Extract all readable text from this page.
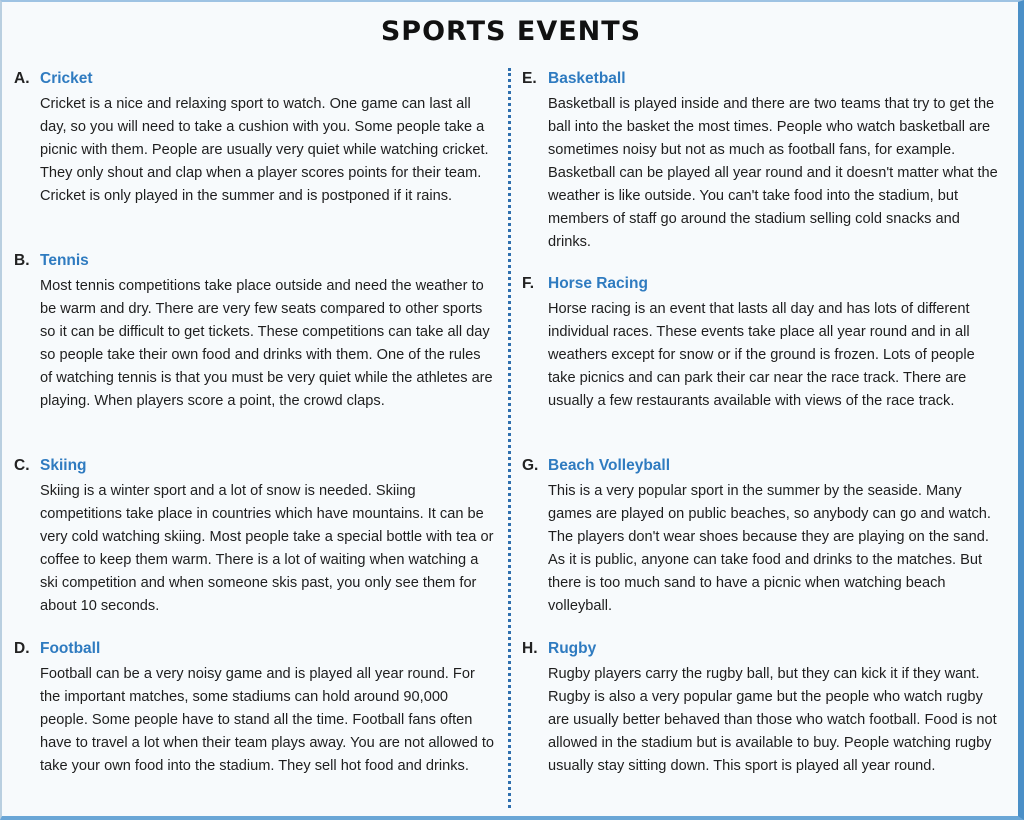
SPORTS EVENTS
A. Cricket
Cricket is a nice and relaxing sport to watch. One game can last all day, so you will need to take a cushion with you. Some people take a picnic with them. People are usually very quiet while watching cricket. They only shout and clap when a player scores points for their team. Cricket is only played in the summer and is postponed if it rains.
B. Tennis
Most tennis competitions take place outside and need the weather to be warm and dry. There are very few seats compared to other sports so it can be difficult to get tickets. These competitions can take all day so people take their own food and drinks with them. One of the rules of watching tennis is that you must be very quiet while the athletes are playing. When players score a point, the crowd claps.
C. Skiing
Skiing is a winter sport and a lot of snow is needed. Skiing competitions take place in countries which have mountains. It can be very cold watching skiing. Most people take a special bottle with tea or coffee to keep them warm. There is a lot of waiting when watching a ski competition and when someone skis past, you only see them for about 10 seconds.
D. Football
Football can be a very noisy game and is played all year round. For the important matches, some stadiums can hold around 90,000 people. Some people have to stand all the time. Football fans often have to travel a lot when their team plays away. You are not allowed to take your own food into the stadium. They sell hot food and drinks.
E. Basketball
Basketball is played inside and there are two teams that try to get the ball into the basket the most times. People who watch basketball are sometimes noisy but not as much as football fans, for example. Basketball can be played all year round and it doesn't matter what the weather is like outside. You can't take food into the stadium, but members of staff go around the stadium selling cold snacks and drinks.
F. Horse Racing
Horse racing is an event that lasts all day and has lots of different individual races. These events take place all year round and in all weathers except for snow or if the ground is frozen. Lots of people take picnics and can park their car near the race track. There are usually a few restaurants available with views of the race track.
G. Beach Volleyball
This is a very popular sport in the summer by the seaside. Many games are played on public beaches, so anybody can go and watch. The players don't wear shoes because they are playing on the sand. As it is public, anyone can take food and drinks to the matches. But there is too much sand to have a picnic when watching beach volleyball.
H. Rugby
Rugby players carry the rugby ball, but they can kick it if they want. Rugby is also a very popular game but the people who watch rugby are usually better behaved than those who watch football. Food is not allowed in the stadium but is available to buy. People watching rugby usually stay sitting down. This sport is played all year round.
